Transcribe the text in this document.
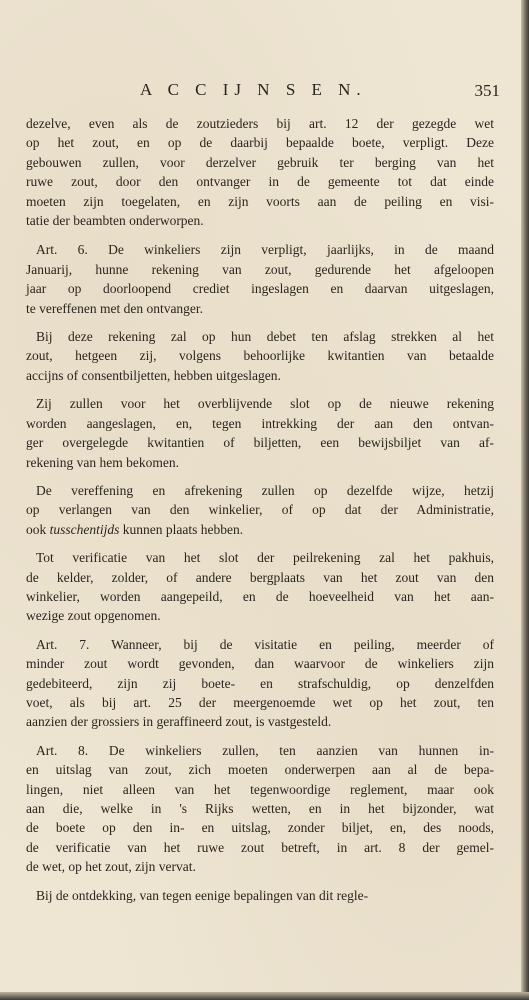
A C C IJ N S E N.	351
dezelve, even als de zoutzieders bij art. 12 der gezegde wet
op het zout, en op de daarbij bepaalde boete, verpligt. Deze
gebouwen zullen, voor derzelver gebruik ter berging van het
ruwe zout, door den ontvanger in de gemeente tot dat einde
moeten zijn toegelaten, en zijn voorts aan de peiling en visi-
tatie der beambten onderworpen.
Art. 6. De winkeliers zijn verpligt, jaarlijks, in de maand
Januarij, hunne rekening van zout, gedurende het afgeloopen
jaar op doorloopend crediet ingeslagen en daarvan uitgeslagen,
te vereffenen met den ontvanger.
Bij deze rekening zal op hun debet ten afslag strekken al het
zout, hetgeen zij, volgens behoorlijke kwitantien van betaalde
accijns of consentbiljetten, hebben uitgeslagen.
Zij zullen voor het overblijvende slot op de nieuwe rekening
worden aangeslagen, en, tegen intrekking der aan den ontvan-
ger overgelegde kwitantien of biljetten, een bewijsbiljet van af-
rekening van hem bekomen.
De vereffening en afrekening zullen op dezelfde wijze, hetzij
op verlangen van den winkelier, of op dat der Administratie,
ook tusschentijds kunnen plaats hebben.
Tot verificatie van het slot der peilrekening zal het pakhuis,
de kelder, zolder, of andere bergplaats van het zout van den
winkelier, worden aangepeild, en de hoeveelheid van het aan-
wezige zout opgenomen.
Art. 7. Wanneer, bij de visitatie en peiling, meerder of
minder zout wordt gevonden, dan waarvoor de winkeliers zijn
gedebiteerd, zijn zij boete- en strafschuldig, op denzelfden
voet, als bij art. 25 der meergenoemde wet op het zout, ten
aanzien der grossiers in geraffineerd zout, is vastgesteld.
Art. 8. De winkeliers zullen, ten aanzien van hunnen in-
en uitslag van zout, zich moeten onderwerpen aan al de bepa-
lingen, niet alleen van het tegenwoordige reglement, maar ook
aan die, welke in 's Rijks wetten, en in het bijzonder, wat
de boete op den in- en uitslag, zonder biljet, en, des noods,
de verificatie van het ruwe zout betreft, in art. 8 der gemel-
de wet, op het zout, zijn vervat.
Bij de ontdekking, van tegen eenige bepalingen van dit regle-
